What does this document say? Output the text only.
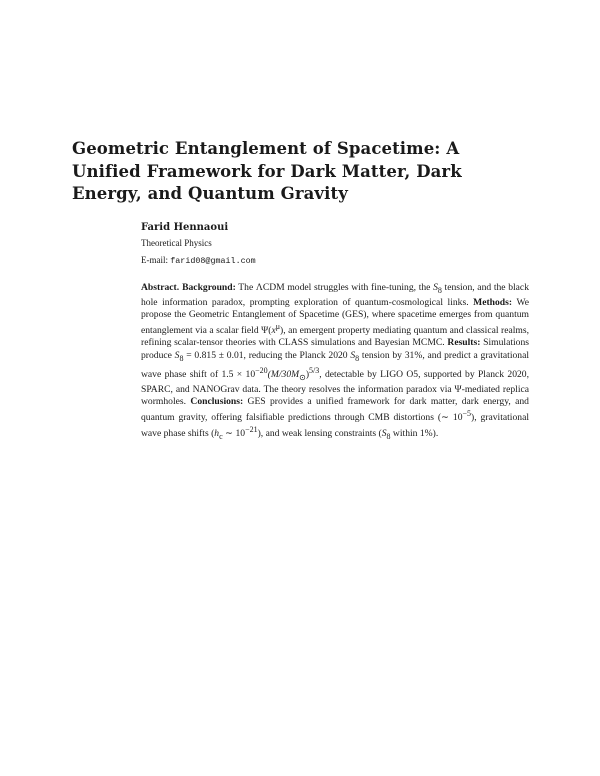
Geometric Entanglement of Spacetime: A Unified Framework for Dark Matter, Dark Energy, and Quantum Gravity

Farid Hennaoui

Theoretical Physics

E-mail: farid08@gmail.com

Abstract. Background: The ΛCDM model struggles with fine-tuning, the $S_8$ tension, and the black hole information paradox, prompting exploration of quantum-cosmological links. Methods: We propose the Geometric Entanglement of Spacetime (GES), where spacetime emerges from quantum entanglement via a scalar field $\Psi(x^\mu)$, an emergent property mediating quantum and classical realms, refining scalar-tensor theories with CLASS simulations and Bayesian MCMC. Results: Simulations produce $S_8 = 0.815 \pm 0.01$, reducing the Planck 2020 $S_8$ tension by 31%, and predict a gravitational wave phase shift of $1.5 \times 10^{-20}(M/30M_⊙)^{5/3}$, detectable by LIGO O5, supported by Planck 2020, SPARC, and NANOGrav data. The theory resolves the information paradox via Ψ-mediated replica wormholes. Conclusions: GES provides a unified framework for dark matter, dark energy, and quantum gravity, offering falsifiable predictions through CMB distortions (∼ $10^{-5}$), gravitational wave phase shifts ($h_c$ ∼ $10^{-21}$), and weak lensing constraints ($S_8$ within 1%).
